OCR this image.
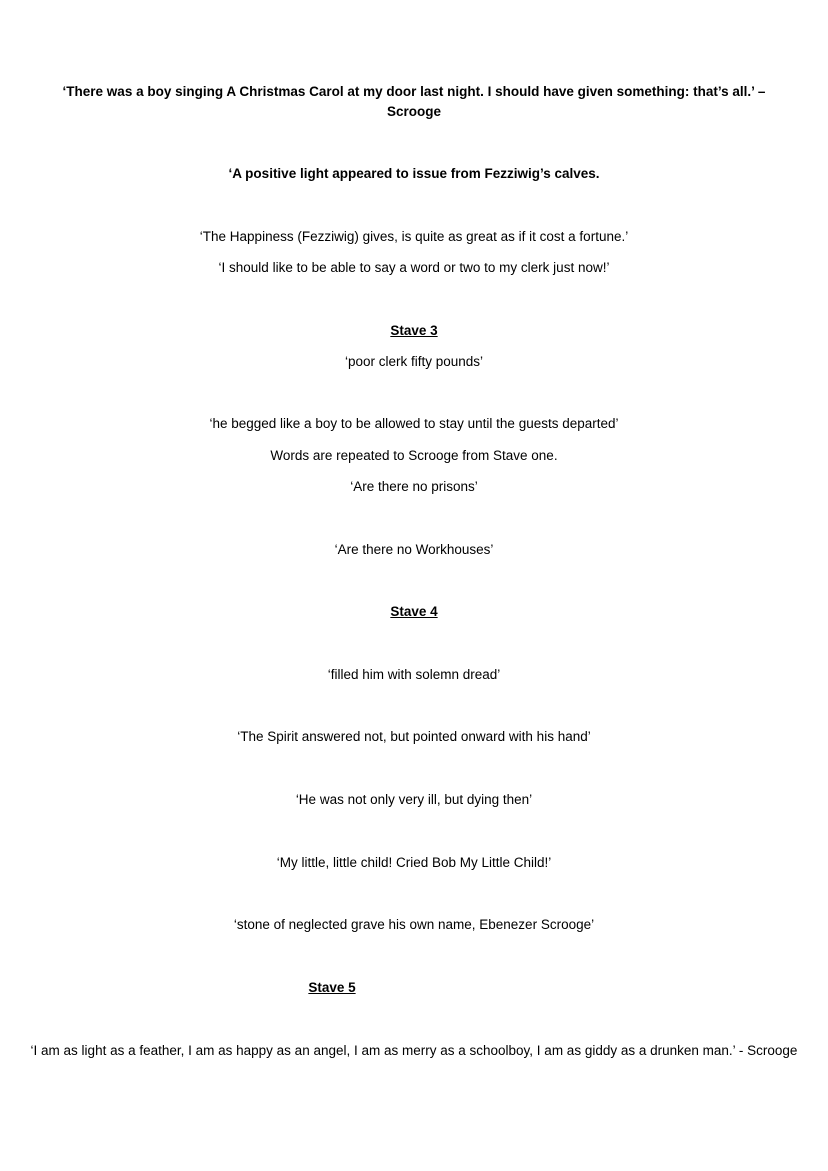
‘There was a boy singing A Christmas Carol at my door last night. I should have given something: that’s all.’ – Scrooge
‘A positive light appeared to issue from Fezziwig’s calves.
‘The Happiness (Fezziwig) gives, is quite as great as if it cost a fortune.’
‘I should like to be able to say a word or two to my clerk just now!’
Stave 3
‘poor clerk fifty pounds’
‘he begged like a boy to be allowed to stay until the guests departed’
Words are repeated to Scrooge from Stave one.
‘Are there no prisons’
‘Are there no Workhouses’
Stave 4
‘filled him with solemn dread’
‘The Spirit answered not, but pointed onward with his hand’
‘He was not only very ill, but dying then’
‘My little, little child! Cried Bob My Little Child!’
‘stone of neglected grave his own name, Ebenezer Scrooge’
Stave 5
‘I am as light as a feather, I am as happy as an angel, I am as merry as a schoolboy, I am as giddy as a drunken man.’ - Scrooge
